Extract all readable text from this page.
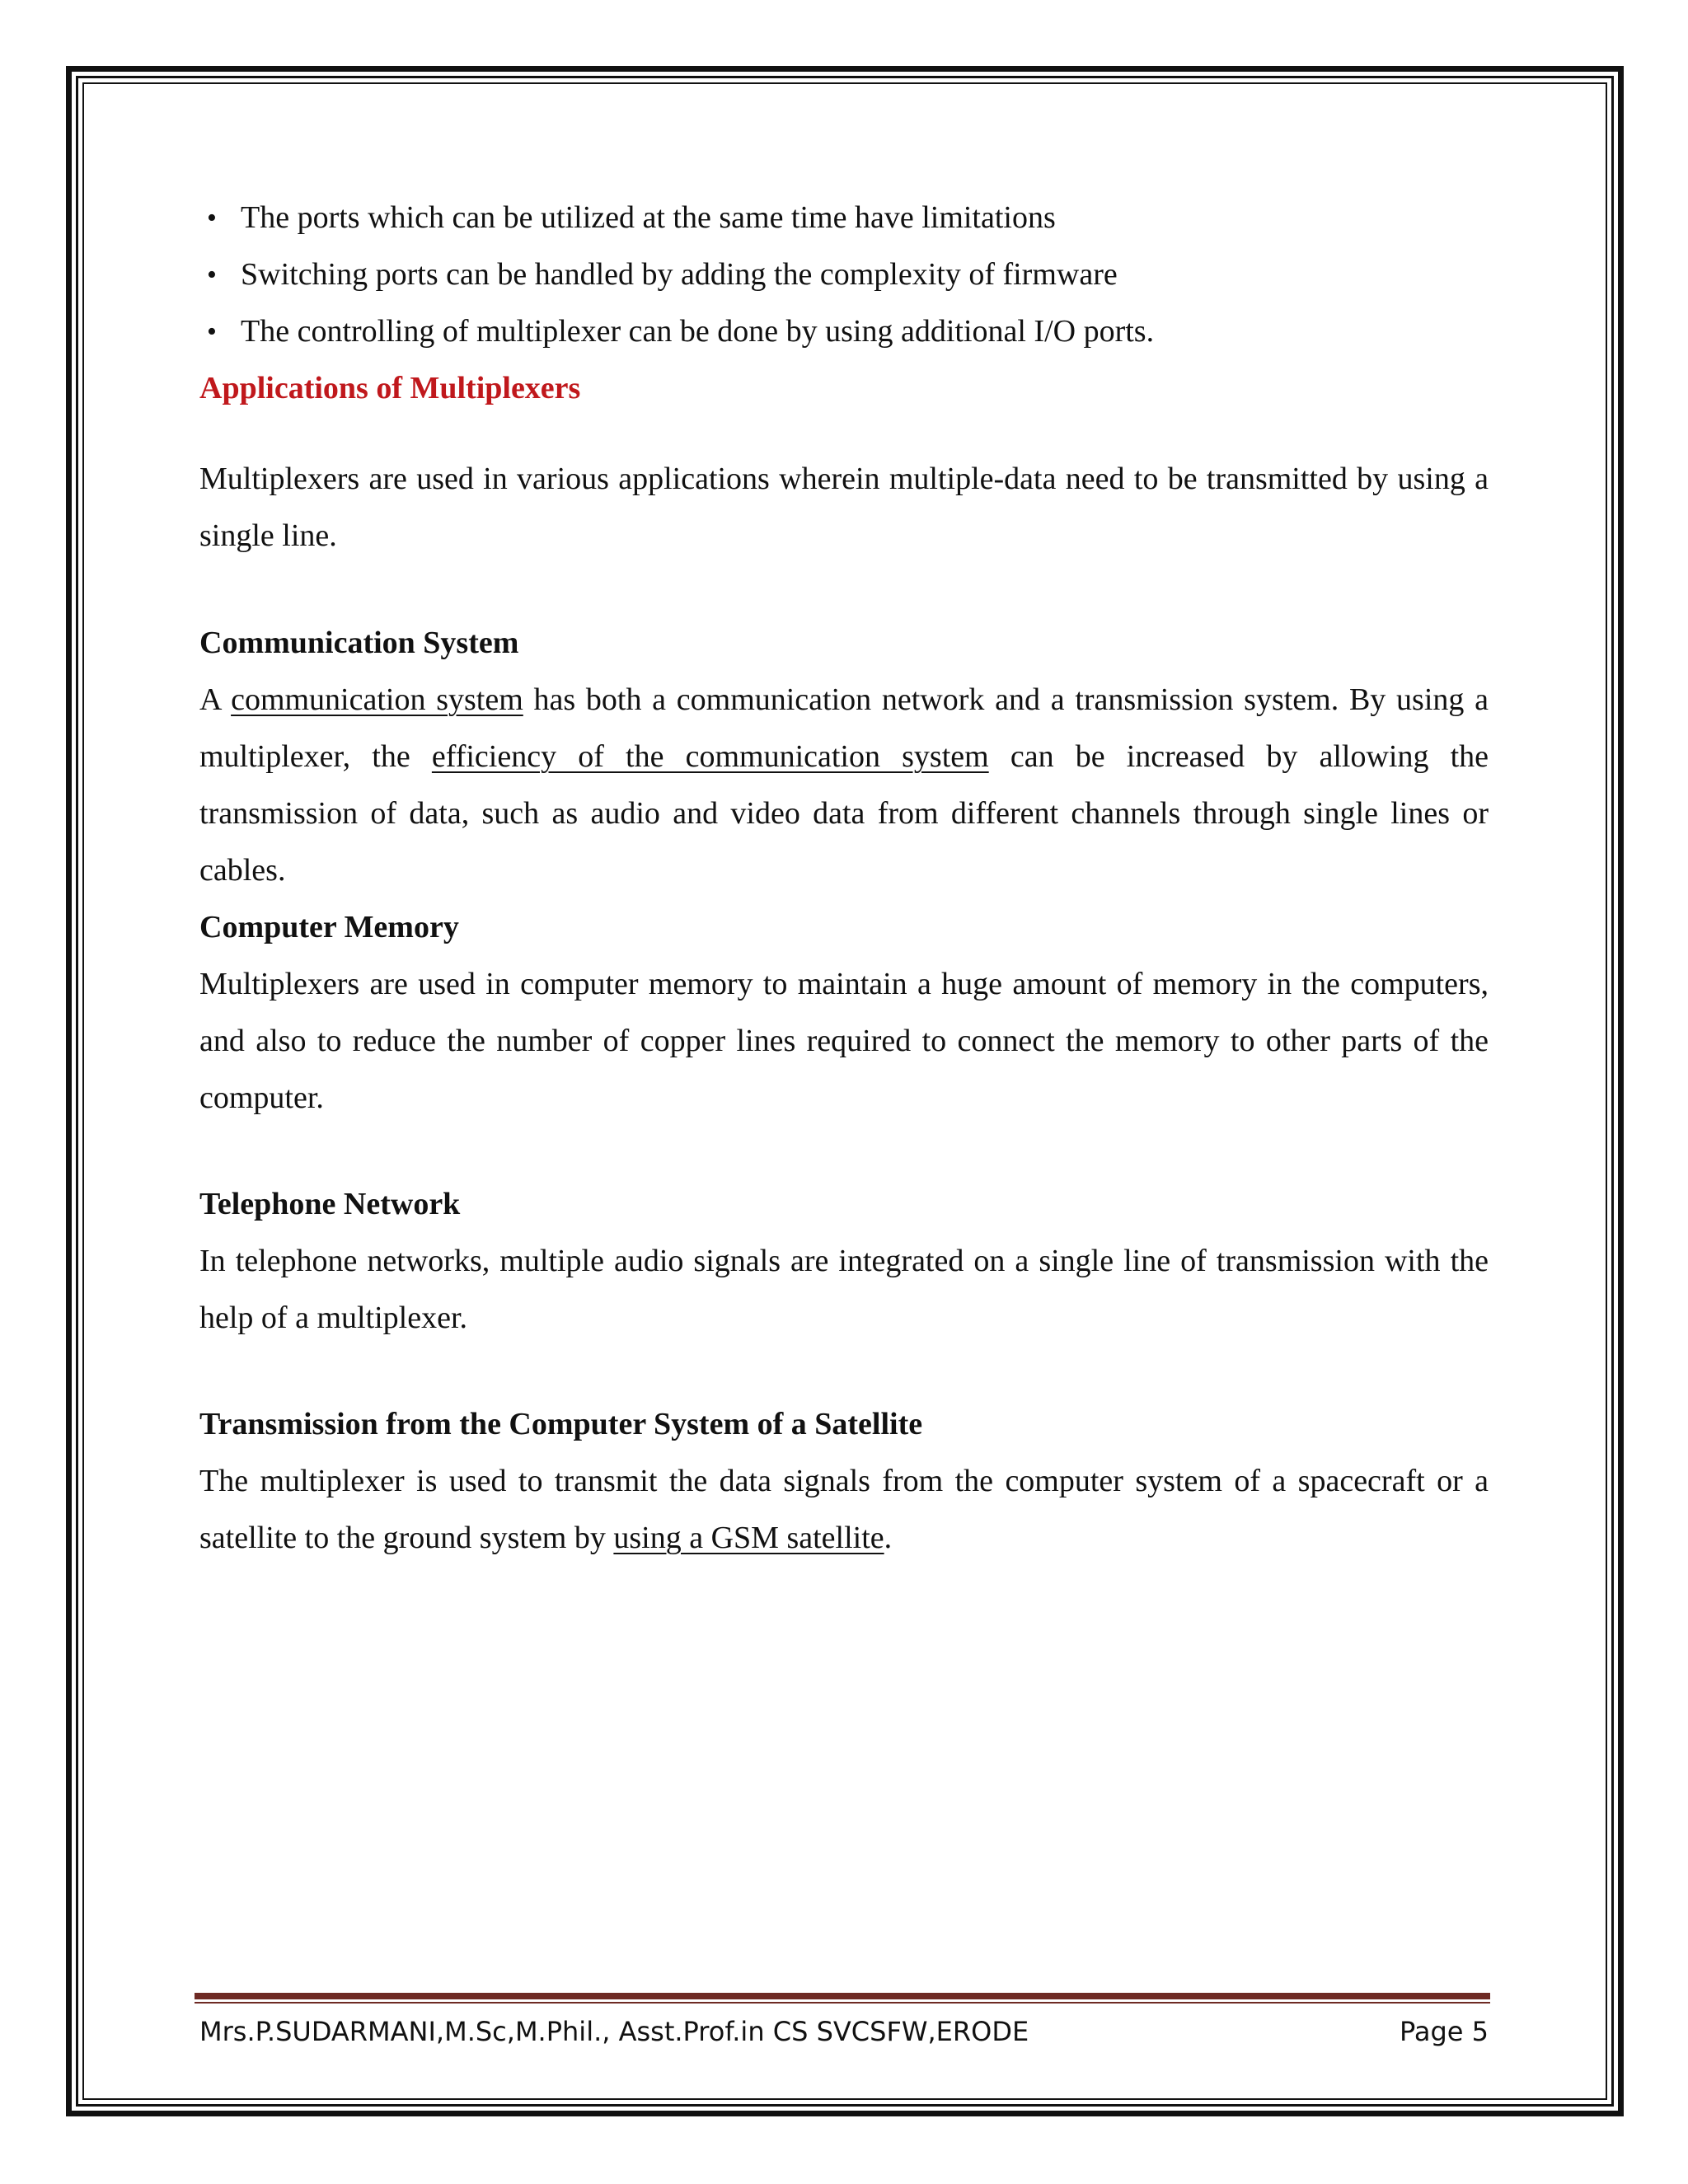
• The ports which can be utilized at the same time have limitations
• Switching ports can be handled by adding the complexity of firmware
• The controlling of multiplexer can be done by using additional I/O ports.
Applications of Multiplexers

Multiplexers are used in various applications wherein multiple-data need to be transmitted by using a single line.

Communication System

A communication system has both a communication network and a transmission system. By using a multiplexer, the efficiency of the communication system can be increased by allowing the transmission of data, such as audio and video data from different channels through single lines or cables.

Computer Memory

Multiplexers are used in computer memory to maintain a huge amount of memory in the computers, and also to reduce the number of copper lines required to connect the memory to other parts of the computer.

Telephone Network

In telephone networks, multiple audio signals are integrated on a single line of transmission with the help of a multiplexer.

Transmission from the Computer System of a Satellite

The multiplexer is used to transmit the data signals from the computer system of a spacecraft or a satellite to the ground system by using a GSM satellite.

Mrs.P.SUDARMANI,M.Sc,M.Phil., Asst.Prof.in CS SVCSFW,ERODE	Page 5
